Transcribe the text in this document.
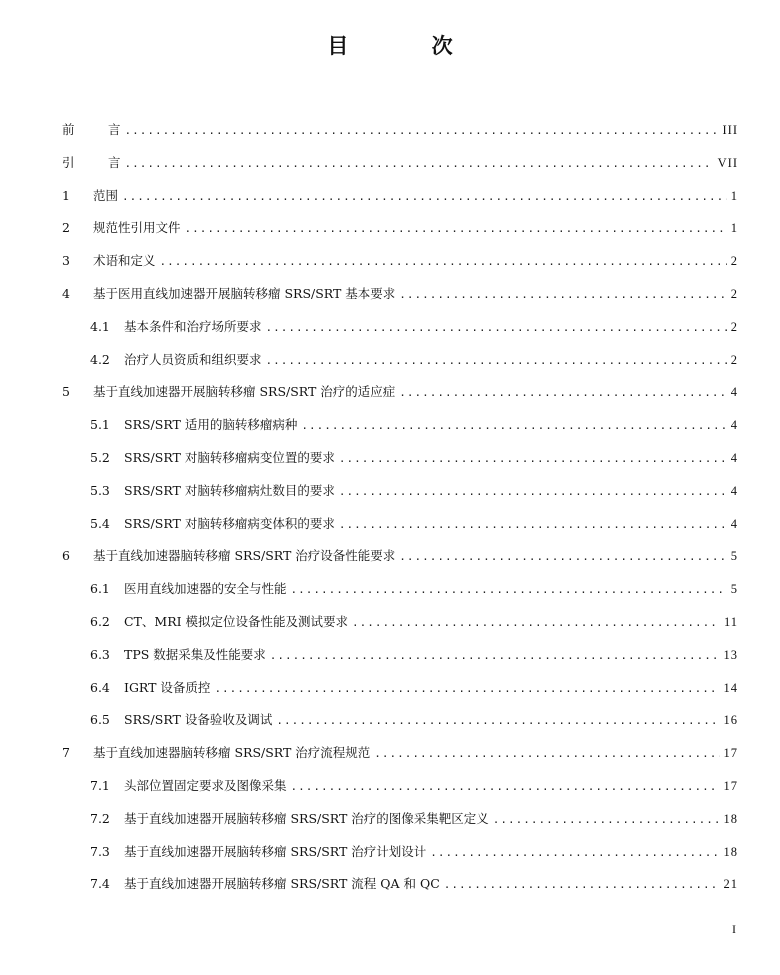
目 次
前	言 .....	III
引	言 .....	VII
1	范围 .....	1
2	规范性引用文件 .....	1
3	术语和定义 .....	2
4	基于医用直线加速器开展脑转移瘤 SRS/SRT 基本要求 .....	2
4.1	基本条件和治疗场所要求 .....	2
4.2	治疗人员资质和组织要求 .....	2
5	基于直线加速器开展脑转移瘤 SRS/SRT 治疗的适应症 .....	4
5.1	SRS/SRT 适用的脑转移瘤病种 .....	4
5.2	SRS/SRT 对脑转移瘤病变位置的要求 .....	4
5.3	SRS/SRT 对脑转移瘤病灶数目的要求 .....	4
5.4	SRS/SRT 对脑转移瘤病变体积的要求 .....	4
6	基于直线加速器脑转移瘤 SRS/SRT 治疗设备性能要求 .....	5
6.1	医用直线加速器的安全与性能 .....	5
6.2	CT、MRI 模拟定位设备性能及测试要求 .....	11
6.3	TPS 数据采集及性能要求 .....	13
6.4	IGRT 设备质控 .....	14
6.5	SRS/SRT 设备验收及调试 .....	16
7	基于直线加速器脑转移瘤 SRS/SRT 治疗流程规范 .....	17
7.1	头部位置固定要求及图像采集 .....	17
7.2	基于直线加速器开展脑转移瘤 SRS/SRT 治疗的图像采集靶区定义 .....	18
7.3	基于直线加速器开展脑转移瘤 SRS/SRT 治疗计划设计 .....	18
7.4	基于直线加速器开展脑转移瘤 SRS/SRT 流程 QA 和 QC .....	21
I
